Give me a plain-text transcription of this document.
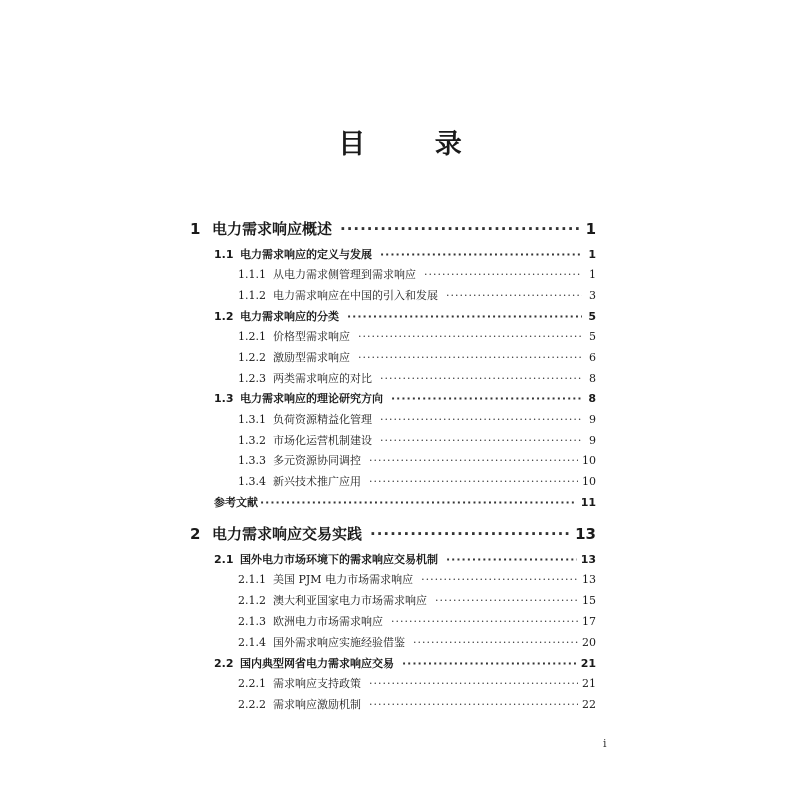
目 录
1 电力需求响应概述 ·····	1
1.1 电力需求响应的定义与发展 ·····	1
1.1.1 从电力需求侧管理到需求响应 ·····	1
1.1.2 电力需求响应在中国的引入和发展 ·····	3
1.2 电力需求响应的分类 ·····	5
1.2.1 价格型需求响应 ·····	5
1.2.2 激励型需求响应 ·····	6
1.2.3 两类需求响应的对比 ·····	8
1.3 电力需求响应的理论研究方向 ·····	8
1.3.1 负荷资源精益化管理 ·····	9
1.3.2 市场化运营机制建设 ·····	9
1.3.3 多元资源协同调控 ·····	10
1.3.4 新兴技术推广应用 ·····	10
参考文献 ·····	11
2 电力需求响应交易实践 ·····	13
2.1 国外电力市场环境下的需求响应交易机制 ·····	13
2.1.1 美国 PJM 电力市场需求响应 ·····	13
2.1.2 澳大利亚国家电力市场需求响应 ·····	15
2.1.3 欧洲电力市场需求响应 ·····	17
2.1.4 国外需求响应实施经验借鉴 ·····	20
2.2 国内典型网省电力需求响应交易 ·····	21
2.2.1 需求响应支持政策 ·····	21
2.2.2 需求响应激励机制 ·····	22
i
